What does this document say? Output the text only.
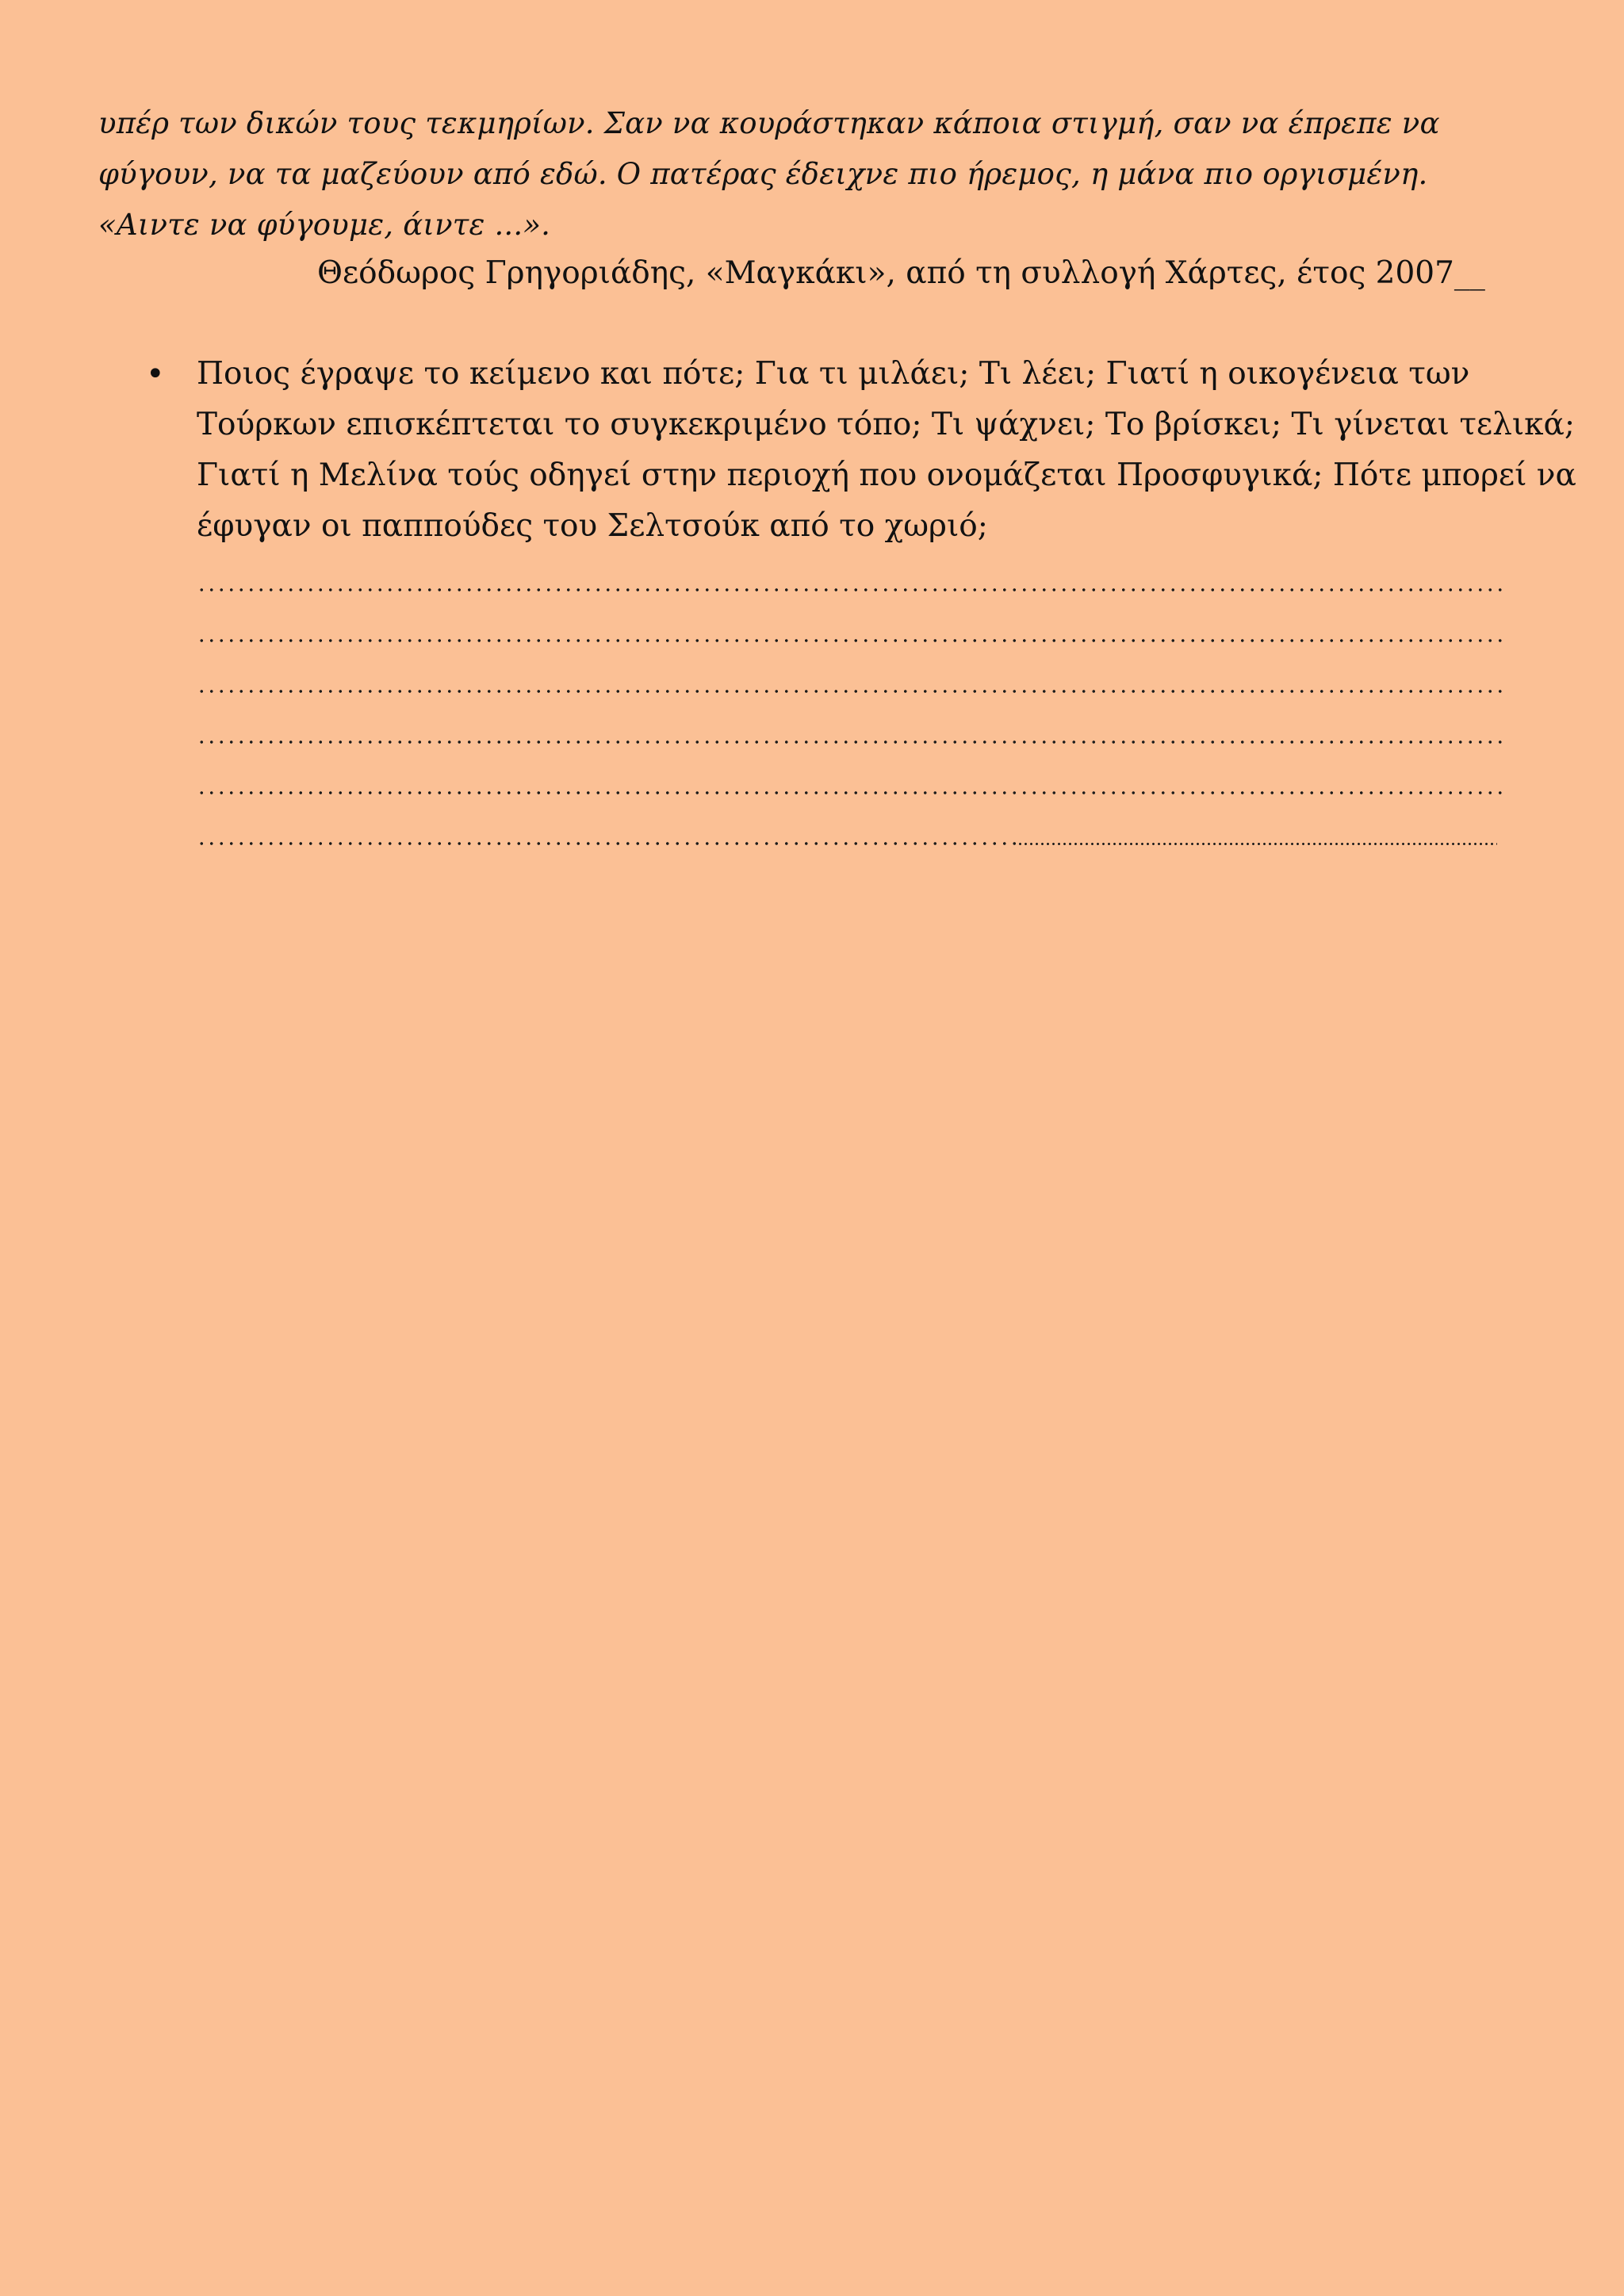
υπέρ των δικών τους τεκμηρίων. Σαν να κουράστηκαν κάποια στιγμή, σαν να έπρεπε να
φύγουν, να τα μαζεύουν από εδώ. Ο πατέρας έδειχνε πιο ήρεμος, η μάνα πιο οργισμένη.
«Αιντε να φύγουμε, άιντε ...».
Θεόδωρος Γρηγοριάδης, «Μαγκάκι», από τη συλλογή Χάρτες, έτος 2007__
• Ποιος έγραψε το κείμενο και πότε; Για τι μιλάει; Τι λέει; Γιατί η οικογένεια των
Τούρκων επισκέπτεται το συγκεκριμένο τόπο; Τι ψάχνει; Το βρίσκει; Τι γίνεται τελικά;
Γιατί η Μελίνα τούς οδηγεί στην περιοχή που ονομάζεται Προσφυγικά; Πότε μπορεί να
έφυγαν οι παππούδες του Σελτσούκ από το χωριό;
